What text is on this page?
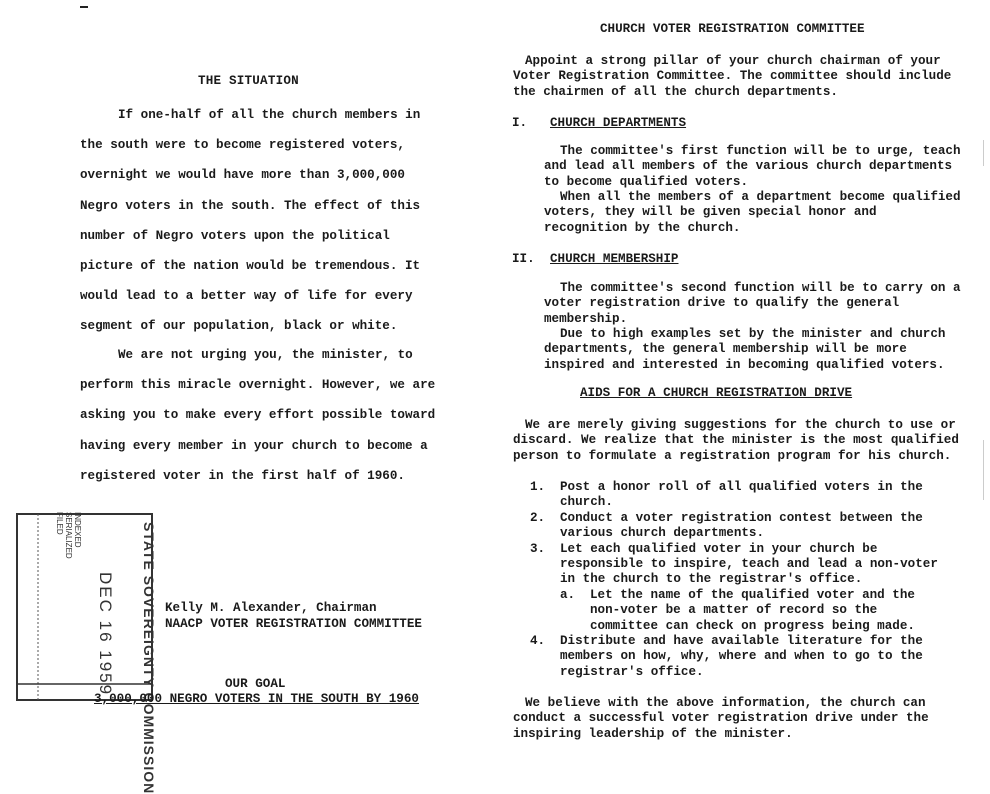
THE SITUATION
If one-half of all the church members in the south were to become registered voters, overnight we would have more than 3,000,000 Negro voters in the south. The effect of this number of Negro voters upon the political picture of the nation would be tremendous. It would lead to a better way of life for every segment of our population, black or white.
We are not urging you, the minister, to perform this miracle overnight. However, we are asking you to make every effort possible toward having every member in your church to become a registered voter in the first half of 1960.
INDEXED
SERIALIZED
FILED
DEC 16 1959 STATE SOVEREIGNTY COMMISSION Kelly M. Alexander, Chairman
NAACP VOTER REGISTRATION COMMITTEE
OUR GOAL
3,000,000 NEGRO VOTERS IN THE SOUTH BY 1960
CHURCH VOTER REGISTRATION COMMITTEE
Appoint a strong pillar of your church chairman of your Voter Registration Committee. The committee should include the chairmen of all the church departments.
I. CHURCH DEPARTMENTS
The committee's first function will be to urge, teach and lead all members of the various church departments to become qualified voters.
When all the members of a department become qualified voters, they will be given special honor and recognition by the church.
II. CHURCH MEMBERSHIP
The committee's second function will be to carry on a voter registration drive to qualify the general membership.
Due to high examples set by the minister and church departments, the general membership will be more inspired and interested in becoming qualified voters.
AIDS FOR A CHURCH REGISTRATION DRIVE
We are merely giving suggestions for the church to use or discard. We realize that the minister is the most qualified person to formulate a registration program for his church.
1. Post a honor roll of all qualified voters in the church.
2. Conduct a voter registration contest between the various church departments.
3. Let each qualified voter in your church be responsible to inspire, teach and lead a non-voter in the church to the registrar's office.
a. Let the name of the qualified voter and the non-voter be a matter of record so the committee can check on progress being made.
4. Distribute and have available literature for the members on how, why, where and when to go to the registrar's office.
We believe with the above information, the church can conduct a successful voter registration drive under the inspiring leadership of the minister.
